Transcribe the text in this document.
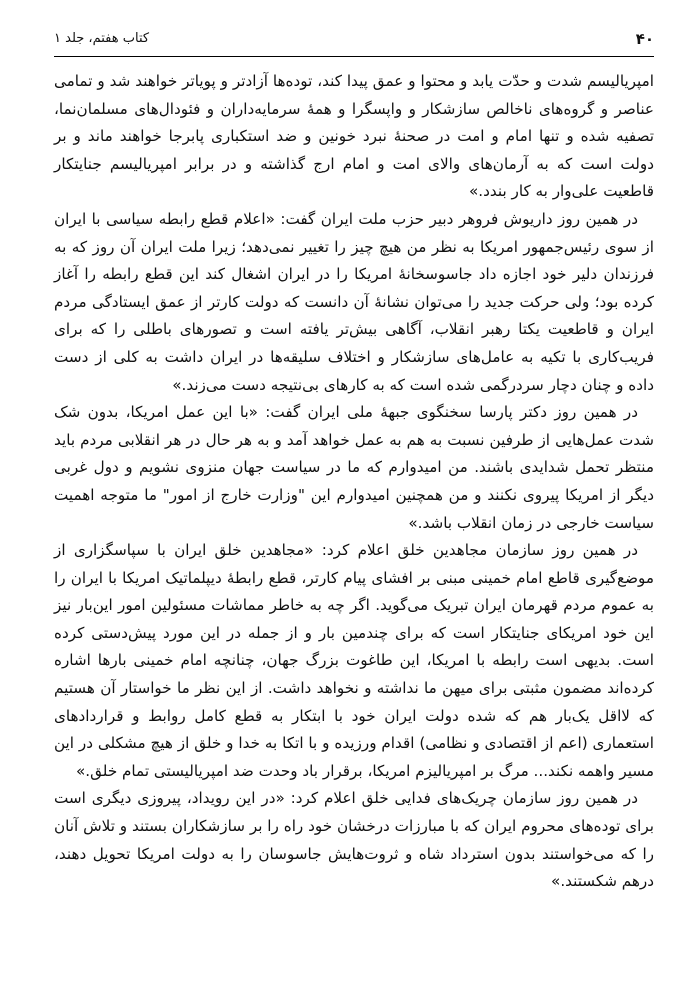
۴۰
کتاب هفتم، جلد ۱

امپریالیسم شدت و حدّت یابد و محتوا و عمق پیدا کند، توده‌ها آزادتر و پویاتر خواهند شد و تمامی عناصر و گروه‌های ناخالص سازشکار و واپسگرا و همهٔ سرمایه‌داران و فئودال‌های مسلمان‌نما، تصفیه شده و تنها امام و امت در صحنهٔ نبرد خونین و ضد استکباری پابرجا خواهند ماند و بر دولت است که به آرمان‌های والای امت و امام ارج گذاشته و در برابر امپریالیسم جنایتکار قاطعیت علی‌وار به کار بندد.»

در همین روز داریوش فروهر دبیر حزب ملت ایران گفت: «اعلام قطع رابطه سیاسی با ایران از سوی رئیس‌جمهور امریکا به نظر من هیچ چیز را تغییر نمی‌دهد؛ زیرا ملت ایران آن روز که به فرزندان دلیر خود اجازه داد جاسوسخانهٔ امریکا را در ایران اشغال کند این قطع رابطه را آغاز کرده بود؛ ولی حرکت جدید را می‌توان نشانهٔ آن دانست که دولت کارتر از عمق ایستادگی مردم ایران و قاطعیت یکتا رهبر انقلاب، آگاهی بیش‌تر یافته است و تصورهای باطلی را که برای فریب‌کاری با تکیه به عامل‌های سازشکار و اختلاف سلیقه‌ها در ایران داشت به کلی از دست داده و چنان دچار سردرگمی شده است که به کارهای بی‌نتیجه دست می‌زند.»

در همین روز دکتر پارسا سخنگوی جبههٔ ملی ایران گفت: «با این عمل امریکا، بدون شک شدت عمل‌هایی از طرفین نسبت به هم به عمل خواهد آمد و به هر حال در هر انقلابی مردم باید منتظر تحمل شدایدی باشند. من امیدوارم که ما در سیاست جهان منزوی نشویم و دول غربی دیگر از امریکا پیروی نکنند و من همچنین امیدوارم این "وزارت خارج از امور" ما متوجه اهمیت سیاست خارجی در زمان انقلاب باشد.»

در همین روز سازمان مجاهدین خلق اعلام کرد: «مجاهدین خلق ایران با سپاسگزاری از موضع‌گیری قاطع امام خمینی مبنی بر افشای پیام کارتر، قطع رابطهٔ دیپلماتیک امریکا با ایران را به عموم مردم قهرمان ایران تبریک می‌گوید. اگر چه به خاطر مماشات مسئولین امور این‌بار نیز این خود امریکای جنایتکار است که برای چندمین بار و از جمله در این مورد پیش‌دستی کرده است. بدیهی است رابطه با امریکا، این طاغوت بزرگ جهان، چنانچه امام خمینی بارها اشاره کرده‌اند مضمون مثبتی برای میهن ما نداشته و نخواهد داشت. از این نظر ما خواستار آن هستیم که لااقل یک‌بار هم که شده دولت ایران خود با ابتکار به قطع کامل روابط و قراردادهای استعماری (اعم از اقتصادی و نظامی) اقدام ورزیده و با اتکا به خدا و خلق از هیچ مشکلی در این مسیر واهمه نکند... مرگ بر امپریالیزم امریکا، برقرار باد وحدت ضد امپریالیستی تمام خلق.»

در همین روز سازمان چریک‌های فدایی خلق اعلام کرد: «در این رویداد، پیروزی دیگری است برای توده‌های محروم ایران که با مبارزات درخشان خود راه را بر سازشکاران بستند و تلاش آنان را که می‌خواستند بدون استرداد شاه و ثروت‌هایش جاسوسان را به دولت امریکا تحویل دهند، درهم شکستند.»
